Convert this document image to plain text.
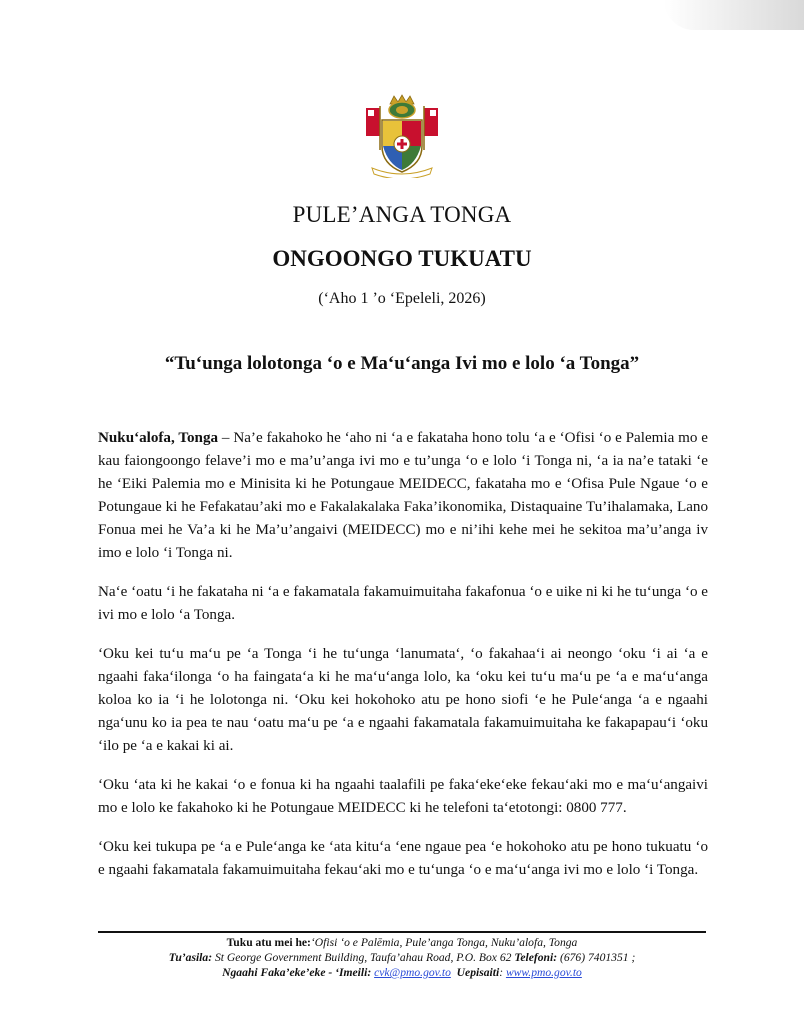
PULE’ANGA TONGA
ONGOONGO TUKUATU
(‘Aho 1 ’o ‘Epeleli, 2026)
“Tu‘unga lolotonga ‘o e Ma‘u‘anga Ivi mo e lolo ‘a Tonga”

Nuku‘alofa, Tonga – Na’e fakahoko he ‘aho ni ‘a e fakataha hono tolu ‘a e ‘Ofisi ‘o e Palemia mo e kau faiongoongo felave’i mo e ma’u’anga ivi mo e tu’unga ‘o e lolo ‘i Tonga ni, ‘a ia na’e tataki ‘e he ‘Eiki Palemia mo e Minisita ki he Potungaue MEIDECC, fakataha mo e ‘Ofisa Pule Ngaue ‘o e Potungaue ki he Fefakatau’aki mo e Fakalakalaka Faka’ikonomika, Distaquaine Tu’ihalamaka, Lano Fonua mei he Va’a ki he Ma’u’angaivi (MEIDECC) mo e ni’ihi kehe mei he sekitoa ma’u’anga iv imo e lolo ‘i Tonga ni.

Na‘e ‘oatu ‘i he fakataha ni ‘a e fakamatala fakamuimuitaha fakafonua ‘o e uike ni ki he tu‘unga ‘o e ivi mo e lolo ‘a Tonga.

‘Oku kei tu‘u ma‘u pe ‘a Tonga ‘i he tu‘unga ‘lanumata‘, ‘o fakahaa‘i ai neongo ‘oku ‘i ai ‘a e ngaahi faka‘ilonga ‘o ha faingata‘a ki he ma‘u‘anga lolo, ka ‘oku kei tu‘u ma‘u pe ‘a e ma‘u‘anga koloa ko ia ‘i he lolotonga ni. ‘Oku kei hokohoko atu pe hono siofi ‘e he Pule‘anga ‘a e ngaahi nga‘unu ko ia pea te nau ‘oatu ma‘u pe ‘a e ngaahi fakamatala fakamuimuitaha ke fakapapau‘i ‘oku ‘ilo pe ‘a e kakai ki ai.

‘Oku ‘ata ki he kakai ‘o e fonua ki ha ngaahi taalafili pe faka‘eke‘eke fekau‘aki mo e ma‘u‘angaivi mo e lolo ke fakahoko ki he Potungaue MEIDECC ki he telefoni ta‘etotongi: 0800 777.

‘Oku kei tukupa pe ‘a e Pule‘anga ke ‘ata kitu‘a ‘ene ngaue pea ‘e hokohoko atu pe hono tukuatu ‘o e ngaahi fakamatala fakamuimuitaha fekau‘aki mo e tu‘unga ‘o e ma‘u‘anga ivi mo e lolo ‘i Tonga.

Tuku atu mei he:‘Ofisi ‘o e Palēmia, Pule’anga Tonga, Nuku’alofa, Tonga
Tu’asila: St George Government Building, Taufa’ahau Road, P.O. Box 62 Telefoni: (676) 7401351 ;
Ngaahi Faka’eke’eke - ‘Imeili: cvk@pmo.gov.to Uepisaiti: www.pmo.gov.to
